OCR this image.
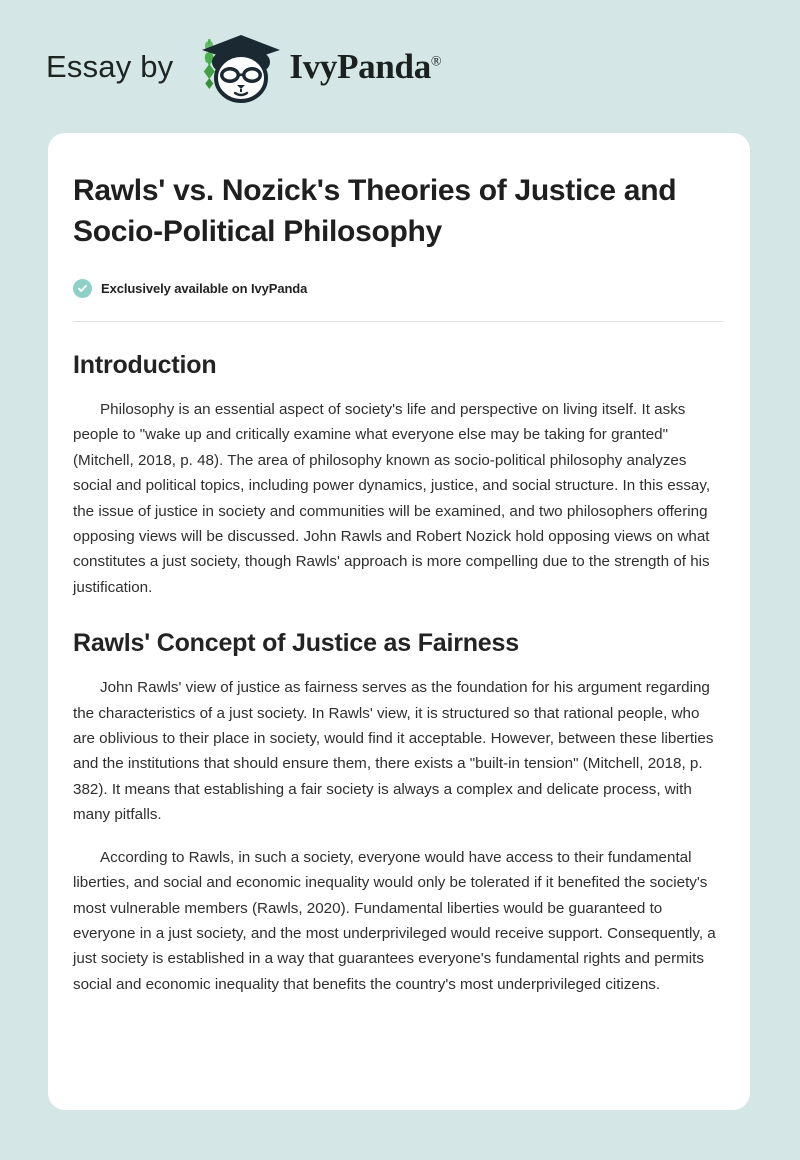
Essay by	IvyPanda®
Rawls' vs. Nozick's Theories of Justice and Socio-Political Philosophy
Exclusively available on IvyPanda
Introduction

Philosophy is an essential aspect of society's life and perspective on living itself. It asks people to "wake up and critically examine what everyone else may be taking for granted" (Mitchell, 2018, p. 48). The area of philosophy known as socio-political philosophy analyzes social and political topics, including power dynamics, justice, and social structure. In this essay, the issue of justice in society and communities will be examined, and two philosophers offering opposing views will be discussed. John Rawls and Robert Nozick hold opposing views on what constitutes a just society, though Rawls' approach is more compelling due to the strength of his justification.

Rawls' Concept of Justice as Fairness

John Rawls' view of justice as fairness serves as the foundation for his argument regarding the characteristics of a just society. In Rawls' view, it is structured so that rational people, who are oblivious to their place in society, would find it acceptable. However, between these liberties and the institutions that should ensure them, there exists a "built-in tension" (Mitchell, 2018, p. 382). It means that establishing a fair society is always a complex and delicate process, with many pitfalls.

According to Rawls, in such a society, everyone would have access to their fundamental liberties, and social and economic inequality would only be tolerated if it benefited the society's most vulnerable members (Rawls, 2020). Fundamental liberties would be guaranteed to everyone in a just society, and the most underprivileged would receive support. Consequently, a just society is established in a way that guarantees everyone's fundamental rights and permits social and economic inequality that benefits the country's most underprivileged citizens.
